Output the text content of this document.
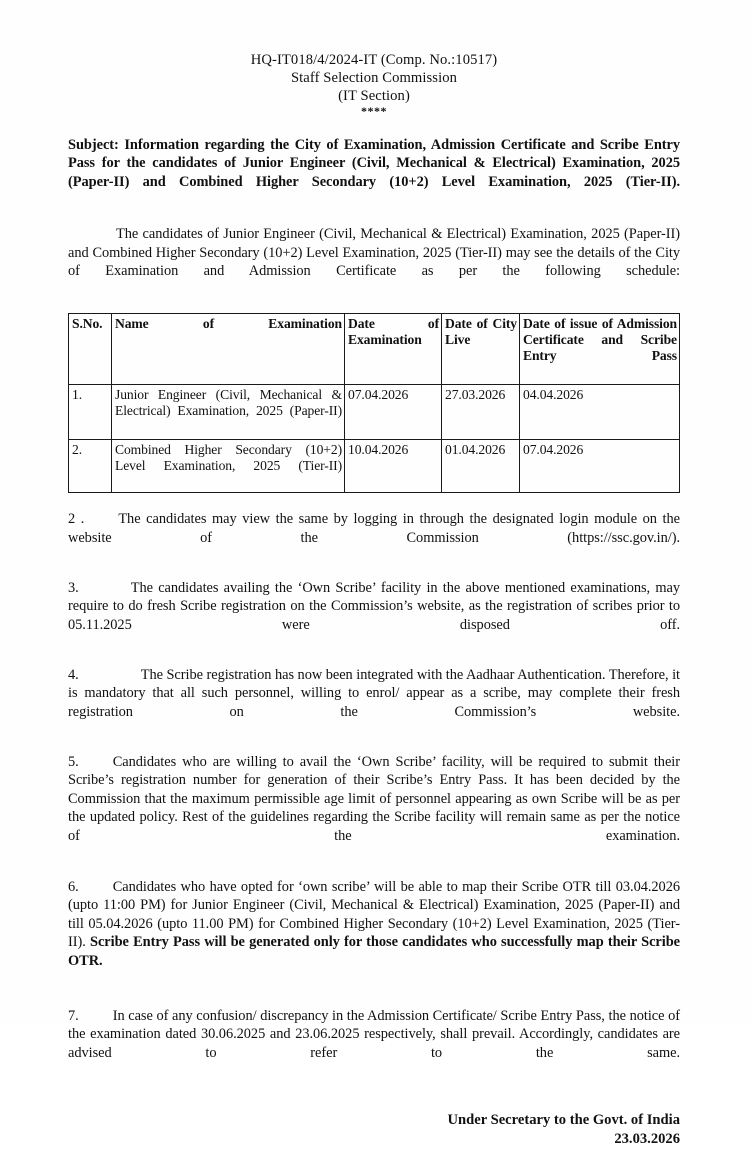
HQ-IT018/4/2024-IT (Comp. No.:10517)
Staff Selection Commission
(IT Section)
****
Subject: Information regarding the City of Examination, Admission Certificate and Scribe Entry Pass for the candidates of Junior Engineer (Civil, Mechanical & Electrical) Examination, 2025 (Paper-II) and Combined Higher Secondary (10+2) Level Examination, 2025 (Tier-II).
The candidates of Junior Engineer (Civil, Mechanical & Electrical) Examination, 2025 (Paper-II) and Combined Higher Secondary (10+2) Level Examination, 2025 (Tier-II) may see the details of the City of Examination and Admission Certificate as per the following schedule:
S.No.	Name of Examination	Date of Examination	Date of City Live	Date of issue of Admission Certificate and Scribe Entry Pass
1.	Junior Engineer (Civil, Mechanical & Electrical) Examination, 2025 (Paper-II)	07.04.2026	27.03.2026	04.04.2026
2.	Combined Higher Secondary (10+2) Level Examination, 2025 (Tier-II)	10.04.2026	01.04.2026	07.04.2026
2 . The candidates may view the same by logging in through the designated login module on the website of the Commission (https://ssc.gov.in/).
3.	The candidates availing the ‘Own Scribe’ facility in the above mentioned examinations, may require to do fresh Scribe registration on the Commission’s website, as the registration of scribes prior to 05.11.2025 were disposed off.
4.	The Scribe registration has now been integrated with the Aadhaar Authentication. Therefore, it is mandatory that all such personnel, willing to enrol/ appear as a scribe, may complete their fresh registration on the Commission’s website.
5. Candidates who are willing to avail the ‘Own Scribe’ facility, will be required to submit their Scribe’s registration number for generation of their Scribe’s Entry Pass. It has been decided by the Commission that the maximum permissible age limit of personnel appearing as own Scribe will be as per the updated policy. Rest of the guidelines regarding the Scribe facility will remain same as per the notice of the examination.
6. Candidates who have opted for ‘own scribe’ will be able to map their Scribe OTR till 03.04.2026 (upto 11:00 PM) for Junior Engineer (Civil, Mechanical & Electrical) Examination, 2025 (Paper-II) and till 05.04.2026 (upto 11.00 PM) for Combined Higher Secondary (10+2) Level Examination, 2025 (Tier-II). Scribe Entry Pass will be generated only for those candidates who successfully map their Scribe OTR.
7. In case of any confusion/ discrepancy in the Admission Certificate/ Scribe Entry Pass, the notice of the examination dated 30.06.2025 and 23.06.2025 respectively, shall prevail. Accordingly, candidates are advised to refer to the same.
Under Secretary to the Govt. of India
23.03.2026
